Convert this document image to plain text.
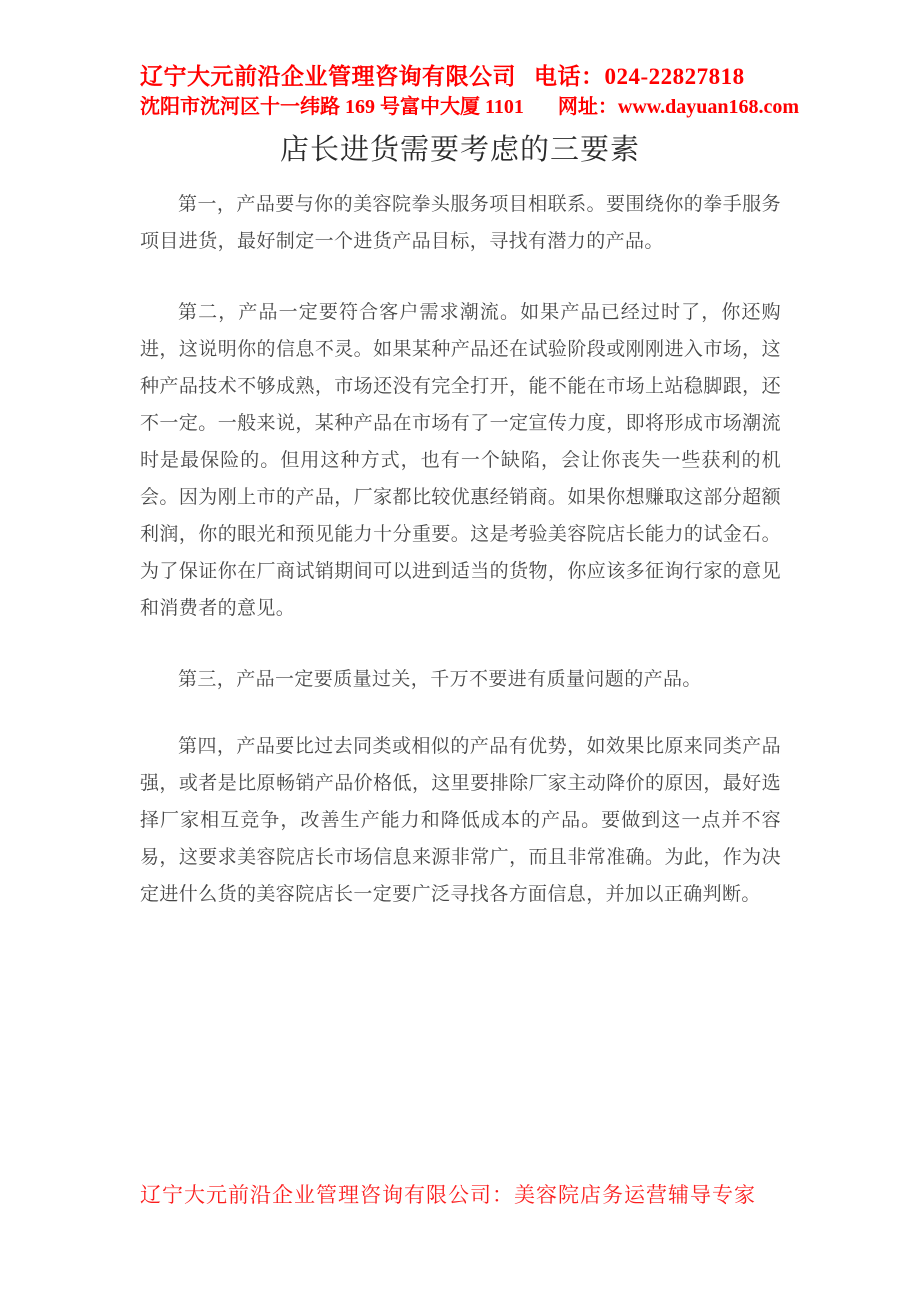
辽宁大元前沿企业管理咨询有限公司 电话：024-22827818
沈阳市沈河区十一纬路 169 号富中大厦 1101 网址：www.dayuan168.com
店长进货需要考虑的三要素

第一，产品要与你的美容院拳头服务项目相联系。要围绕你的拳手服务项目进货，最好制定一个进货产品目标，寻找有潜力的产品。

第二，产品一定要符合客户需求潮流。如果产品已经过时了，你还购进，这说明你的信息不灵。如果某种产品还在试验阶段或刚刚进入市场，这种产品技术不够成熟，市场还没有完全打开，能不能在市场上站稳脚跟，还不一定。一般来说，某种产品在市场有了一定宣传力度，即将形成市场潮流时是最保险的。但用这种方式，也有一个缺陷，会让你丧失一些获利的机会。因为刚上市的产品，厂家都比较优惠经销商。如果你想赚取这部分超额利润，你的眼光和预见能力十分重要。这是考验美容院店长能力的试金石。为了保证你在厂商试销期间可以进到适当的货物，你应该多征询行家的意见和消费者的意见。

第三，产品一定要质量过关，千万不要进有质量问题的产品。

第四，产品要比过去同类或相似的产品有优势，如效果比原来同类产品强，或者是比原畅销产品价格低，这里要排除厂家主动降价的原因，最好选择厂家相互竞争，改善生产能力和降低成本的产品。要做到这一点并不容易，这要求美容院店长市场信息来源非常广，而且非常准确。为此，作为决定进什么货的美容院店长一定要广泛寻找各方面信息，并加以正确判断。

辽宁大元前沿企业管理咨询有限公司：美容院店务运营辅导专家
